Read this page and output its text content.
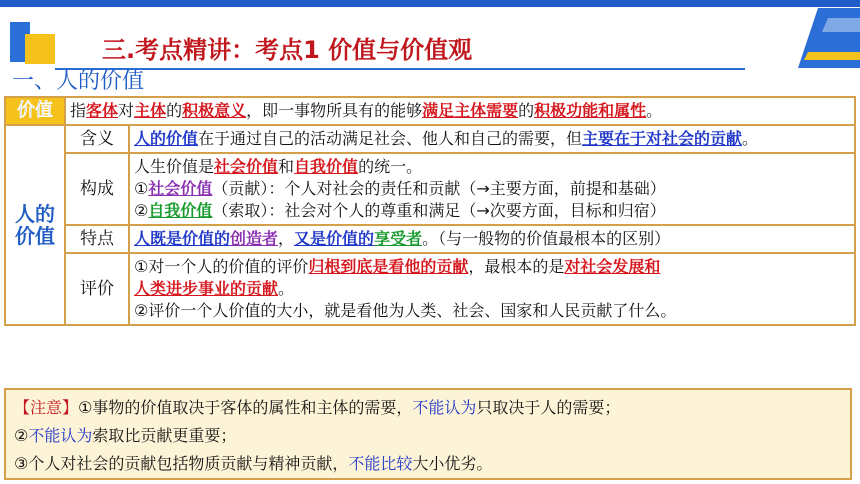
三.考点精讲：考点1 价值与价值观
一、人的价值
价值	指客体对主体的积极意义，即一事物所具有的能够满足主体需要的积极功能和属性。	
人的价值	含义	人的价值在于通过自己的活动满足社会、他人和自己的需要，但主要在于对社会的贡献。
	构成	人生价值是社会价值和自我价值的统一。
①社会价值（贡献）：个人对社会的责任和贡献（→主要方面，前提和基础）
②自我价值（索取）：社会对个人的尊重和满足（→次要方面，目标和归宿）

	特点	人既是价值的创造者，又是价值的享受者。（与一般物的价值最根本的区别）
	评价	①对一个人的价值的评价归根到底是看他的贡献，最根本的是对社会发展和
人类进步事业的贡献。
②评价一个人价值的大小，就是看他为人类、社会、国家和人民贡献了什么。
【注意】①事物的价值取决于客体的属性和主体的需要，不能认为只取决于人的需要；
②不能认为索取比贡献更重要；
③个人对社会的贡献包括物质贡献与精神贡献，不能比较大小优劣。
